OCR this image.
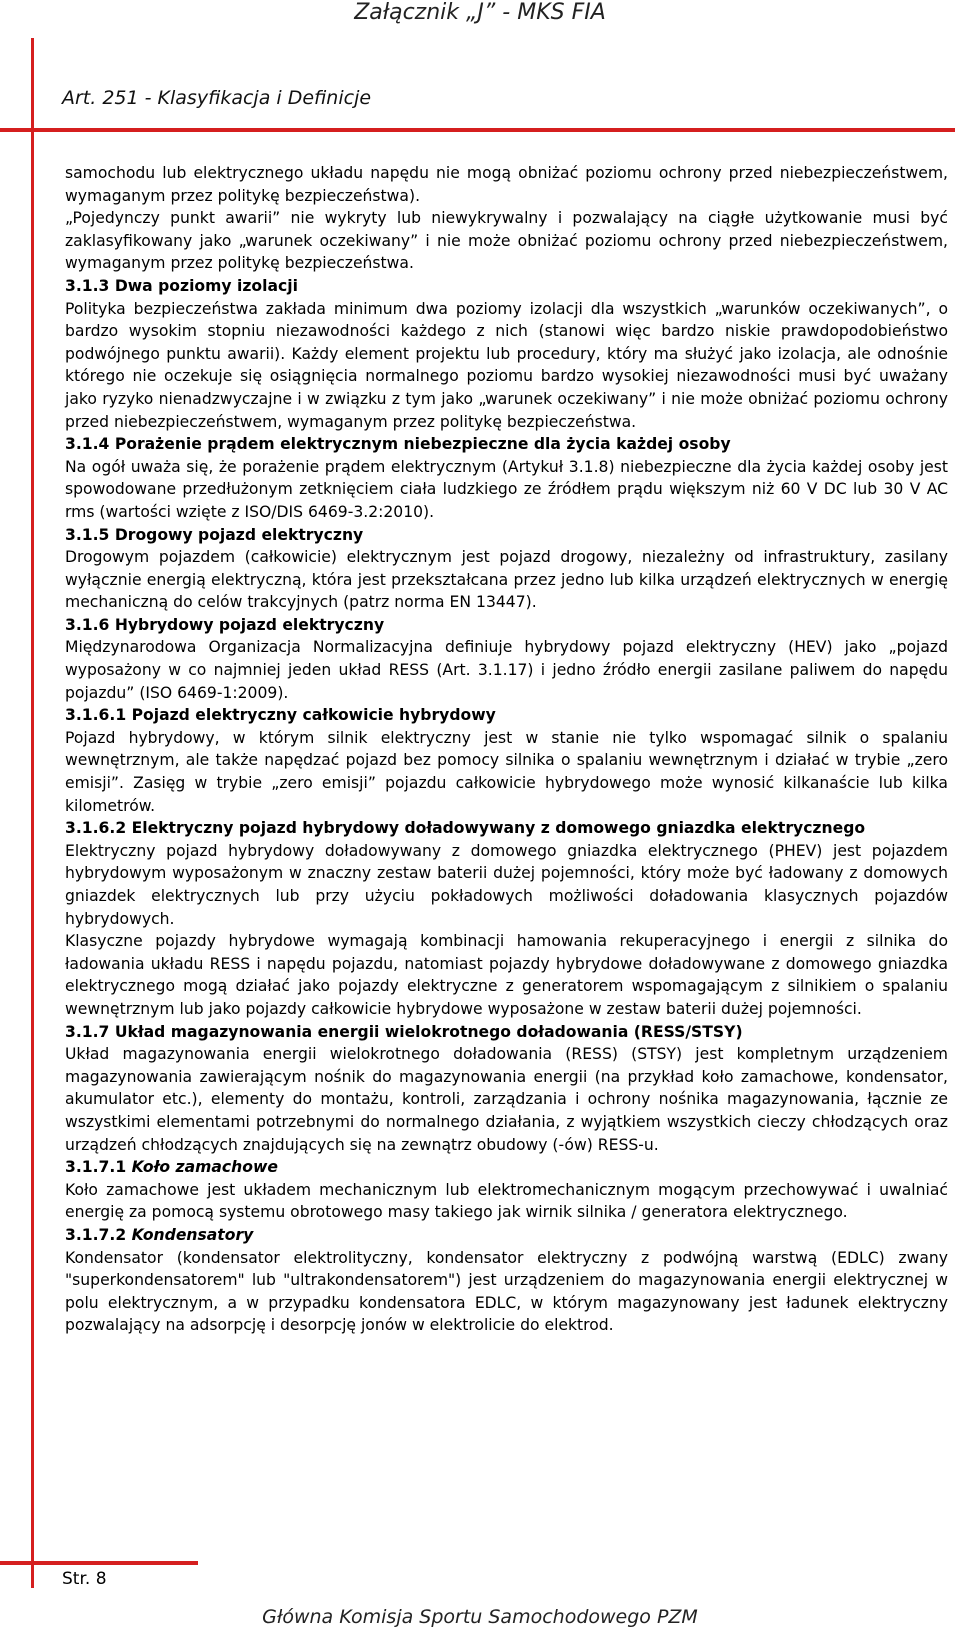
Załącznik „J” - MKS FIA
Art. 251 - Klasyfikacja i Definicje

samochodu lub elektrycznego układu napędu nie mogą obniżać poziomu ochrony przed niebezpieczeństwem, wymaganym przez politykę bezpieczeństwa).

„Pojedynczy punkt awarii” nie wykryty lub niewykrywalny i pozwalający na ciągłe użytkowanie musi być zaklasyfikowany jako „warunek oczekiwany” i nie może obniżać poziomu ochrony przed niebezpieczeństwem, wymaganym przez politykę bezpieczeństwa.

3.1.3 Dwa poziomy izolacji

Polityka bezpieczeństwa zakłada minimum dwa poziomy izolacji dla wszystkich „warunków oczekiwanych”, o bardzo wysokim stopniu niezawodności każdego z nich (stanowi więc bardzo niskie prawdopodobieństwo podwójnego punktu awarii). Każdy element projektu lub procedury, który ma służyć jako izolacja, ale odnośnie którego nie oczekuje się osiągnięcia normalnego poziomu bardzo wysokiej niezawodności musi być uważany jako ryzyko nienadzwyczajne i w związku z tym jako „warunek oczekiwany” i nie może obniżać poziomu ochrony przed niebezpieczeństwem, wymaganym przez politykę bezpieczeństwa.

3.1.4 Porażenie prądem elektrycznym niebezpieczne dla życia każdej osoby

Na ogół uważa się, że porażenie prądem elektrycznym (Artykuł 3.1.8) niebezpieczne dla życia każdej osoby jest spowodowane przedłużonym zetknięciem ciała ludzkiego ze źródłem prądu większym niż 60 V DC lub 30 V AC rms (wartości wzięte z ISO/DIS 6469-3.2:2010).

3.1.5 Drogowy pojazd elektryczny

Drogowym pojazdem (całkowicie) elektrycznym jest pojazd drogowy, niezależny od infrastruktury, zasilany wyłącznie energią elektryczną, która jest przekształcana przez jedno lub kilka urządzeń elektrycznych w energię mechaniczną do celów trakcyjnych (patrz norma EN 13447).

3.1.6 Hybrydowy pojazd elektryczny

Międzynarodowa Organizacja Normalizacyjna definiuje hybrydowy pojazd elektryczny (HEV) jako „pojazd wyposażony w co najmniej jeden układ RESS (Art. 3.1.17) i jedno źródło energii zasilane paliwem do napędu pojazdu” (ISO 6469-1:2009).

3.1.6.1 Pojazd elektryczny całkowicie hybrydowy

Pojazd hybrydowy, w którym silnik elektryczny jest w stanie nie tylko wspomagać silnik o spalaniu wewnętrznym, ale także napędzać pojazd bez pomocy silnika o spalaniu wewnętrznym i działać w trybie „zero emisji”. Zasięg w trybie „zero emisji” pojazdu całkowicie hybrydowego może wynosić kilkanaście lub kilka kilometrów.

3.1.6.2 Elektryczny pojazd hybrydowy doładowywany z domowego gniazdka elektrycznego

Elektryczny pojazd hybrydowy doładowywany z domowego gniazdka elektrycznego (PHEV) jest pojazdem hybrydowym wyposażonym w znaczny zestaw baterii dużej pojemności, który może być ładowany z domowych gniazdek elektrycznych lub przy użyciu pokładowych możliwości doładowania klasycznych pojazdów hybrydowych.

Klasyczne pojazdy hybrydowe wymagają kombinacji hamowania rekuperacyjnego i energii z silnika do ładowania układu RESS i napędu pojazdu, natomiast pojazdy hybrydowe doładowywane z domowego gniazdka elektrycznego mogą działać jako pojazdy elektryczne z generatorem wspomagającym z silnikiem o spalaniu wewnętrznym lub jako pojazdy całkowicie hybrydowe wyposażone w zestaw baterii dużej pojemności.

3.1.7 Układ magazynowania energii wielokrotnego doładowania (RESS/STSY)

Układ magazynowania energii wielokrotnego doładowania (RESS) (STSY) jest kompletnym urządzeniem magazynowania zawierającym nośnik do magazynowania energii (na przykład koło zamachowe, kondensator, akumulator etc.), elementy do montażu, kontroli, zarządzania i ochrony nośnika magazynowania, łącznie ze wszystkimi elementami potrzebnymi do normalnego działania, z wyjątkiem wszystkich cieczy chłodzących oraz urządzeń chłodzących znajdujących się na zewnątrz obudowy (-ów) RESS-u.

3.1.7.1 Koło zamachowe

Koło zamachowe jest układem mechanicznym lub elektromechanicznym mogącym przechowywać i uwalniać energię za pomocą systemu obrotowego masy takiego jak wirnik silnika / generatora elektrycznego.

3.1.7.2 Kondensatory

Kondensator (kondensator elektrolityczny, kondensator elektryczny z podwójną warstwą (EDLC) zwany "superkondensatorem" lub "ultrakondensatorem") jest urządzeniem do magazynowania energii elektrycznej w polu elektrycznym, a w przypadku kondensatora EDLC, w którym magazynowany jest ładunek elektryczny pozwalający na adsorpcję i desorpcję jonów w elektrolicie do elektrod.

Str. 8
Główna Komisja Sportu Samochodowego PZM
